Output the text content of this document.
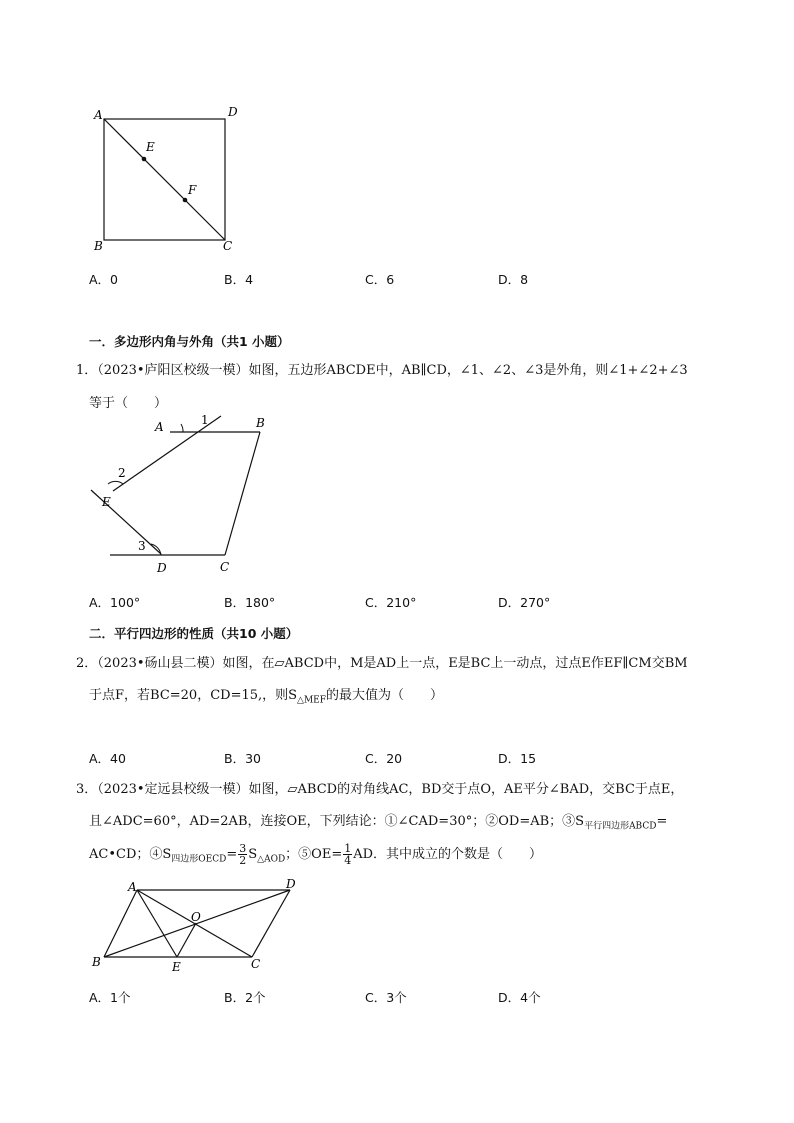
A	D
B	C
E
F
A．0	B．4	C．6	D．8
一．多边形内角与外角（共1 小题）
1．（2023•庐阳区校级一模）如图，五边形ABCDE中，AB∥CD，∠1、∠2、∠3是外角，则∠1+∠2+∠3
等于（　　）
A	B
C
D
E
1
2
3
A．100°	B．180°	C．210°	D．270°
二．平行四边形的性质（共10 小题）
2．（2023•砀山县二模）如图，在▱ABCD中，M是AD上一点，E是BC上一动点，过点E作EF∥CM交BM
于点F，若BC=20，CD=15,，则$S_{\triangle MEF}$的最大值为（　　）
A．40	B．30	C．20	D．15
3．（2023•定远县校级一模）如图，▱ABCD的对角线AC，BD交于点O，AE平分∠BAD，交BC于点E，
且∠ADC=60°，AD=2AB，连接OE，下列结论：①∠CAD=30°；②OD=AB；$③S_{平行四边形ABCD}=$
AC•CD；$④S_{四边形OECD}= \frac{3}{2} S_{\triangle AOD}$；⑤OE= $\frac{1}{4}$ AD．其中成立的个数是（　　）
A	D
O
B	E	C
A．1个	B．2个	C．3个	D．4个
